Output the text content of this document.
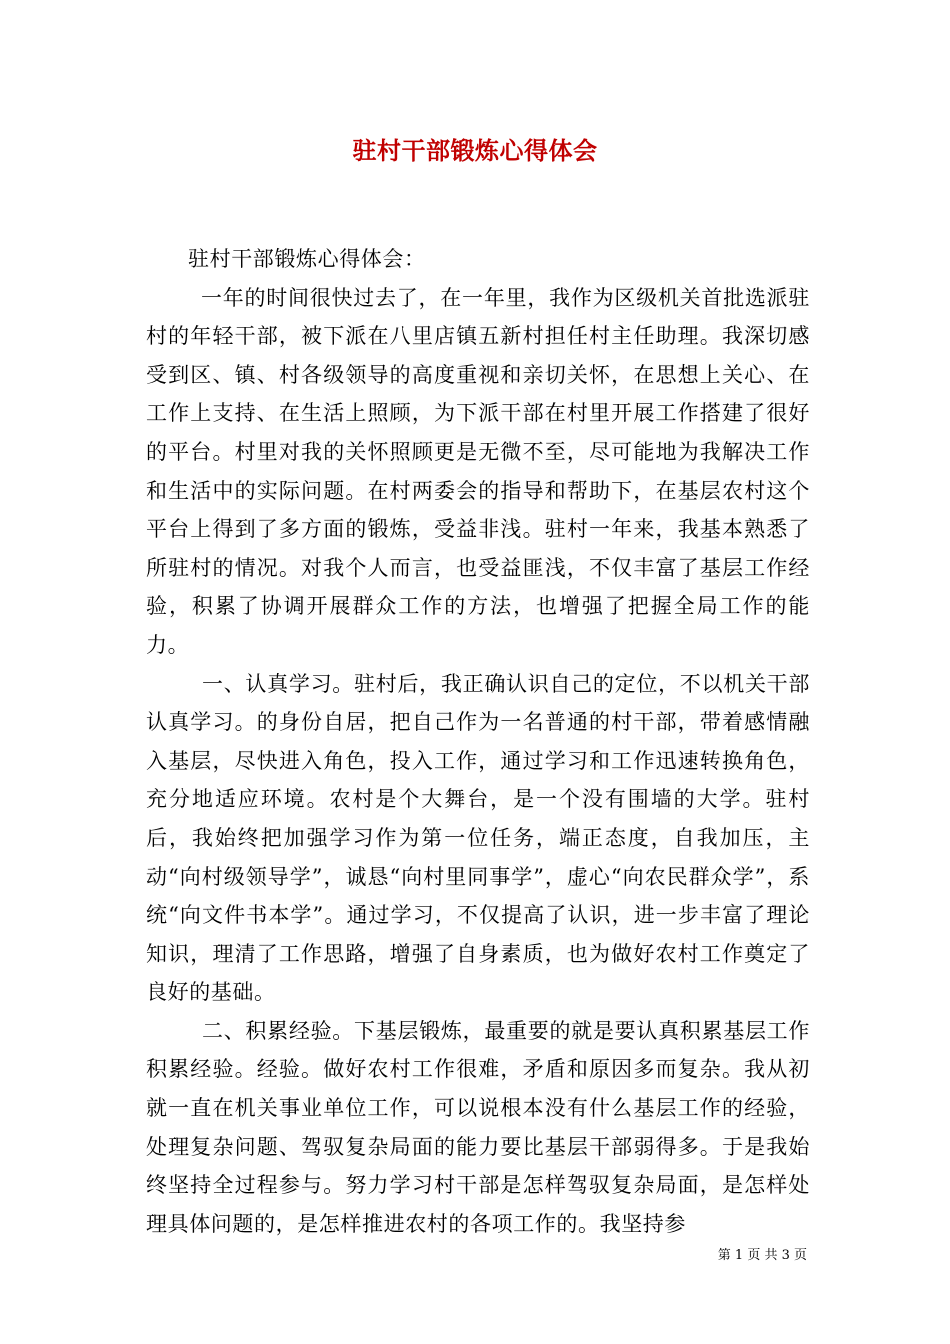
驻村干部锻炼心得体会

驻村干部锻炼心得体会：

一年的时间很快过去了，在一年里，我作为区级机关首批选派驻村的年轻干部，被下派在八里店镇五新村担任村主任助理。我深切感受到区、镇、村各级领导的高度重视和亲切关怀，在思想上关心、在工作上支持、在生活上照顾，为下派干部在村里开展工作搭建了很好的平台。村里对我的关怀照顾更是无微不至，尽可能地为我解决工作和生活中的实际问题。在村两委会的指导和帮助下，在基层农村这个平台上得到了多方面的锻炼，受益非浅。驻村一年来，我基本熟悉了所驻村的情况。对我个人而言，也受益匪浅，不仅丰富了基层工作经验，积累了协调开展群众工作的方法，也增强了把握全局工作的能力。

一、认真学习。驻村后，我正确认识自己的定位，不以机关干部认真学习。的身份自居，把自己作为一名普通的村干部，带着感情融入基层，尽快进入角色，投入工作，通过学习和工作迅速转换角色，充分地适应环境。农村是个大舞台，是一个没有围墙的大学。驻村后，我始终把加强学习作为第一位任务，端正态度，自我加压，主动“向村级领导学”，诚恳“向村里同事学”，虚心“向农民群众学”，系统“向文件书本学”。通过学习，不仅提高了认识，进一步丰富了理论知识，理清了工作思路，增强了自身素质，也为做好农村工作奠定了良好的基础。

二、积累经验。下基层锻炼，最重要的就是要认真积累基层工作积累经验。经验。做好农村工作很难，矛盾和原因多而复杂。我从初就一直在机关事业单位工作，可以说根本没有什么基层工作的经验，处理复杂问题、驾驭复杂局面的能力要比基层干部弱得多。于是我始终坚持全过程参与。努力学习村干部是怎样驾驭复杂局面，是怎样处理具体问题的，是怎样推进农村的各项工作的。我坚持参

第 1 页 共 3 页
